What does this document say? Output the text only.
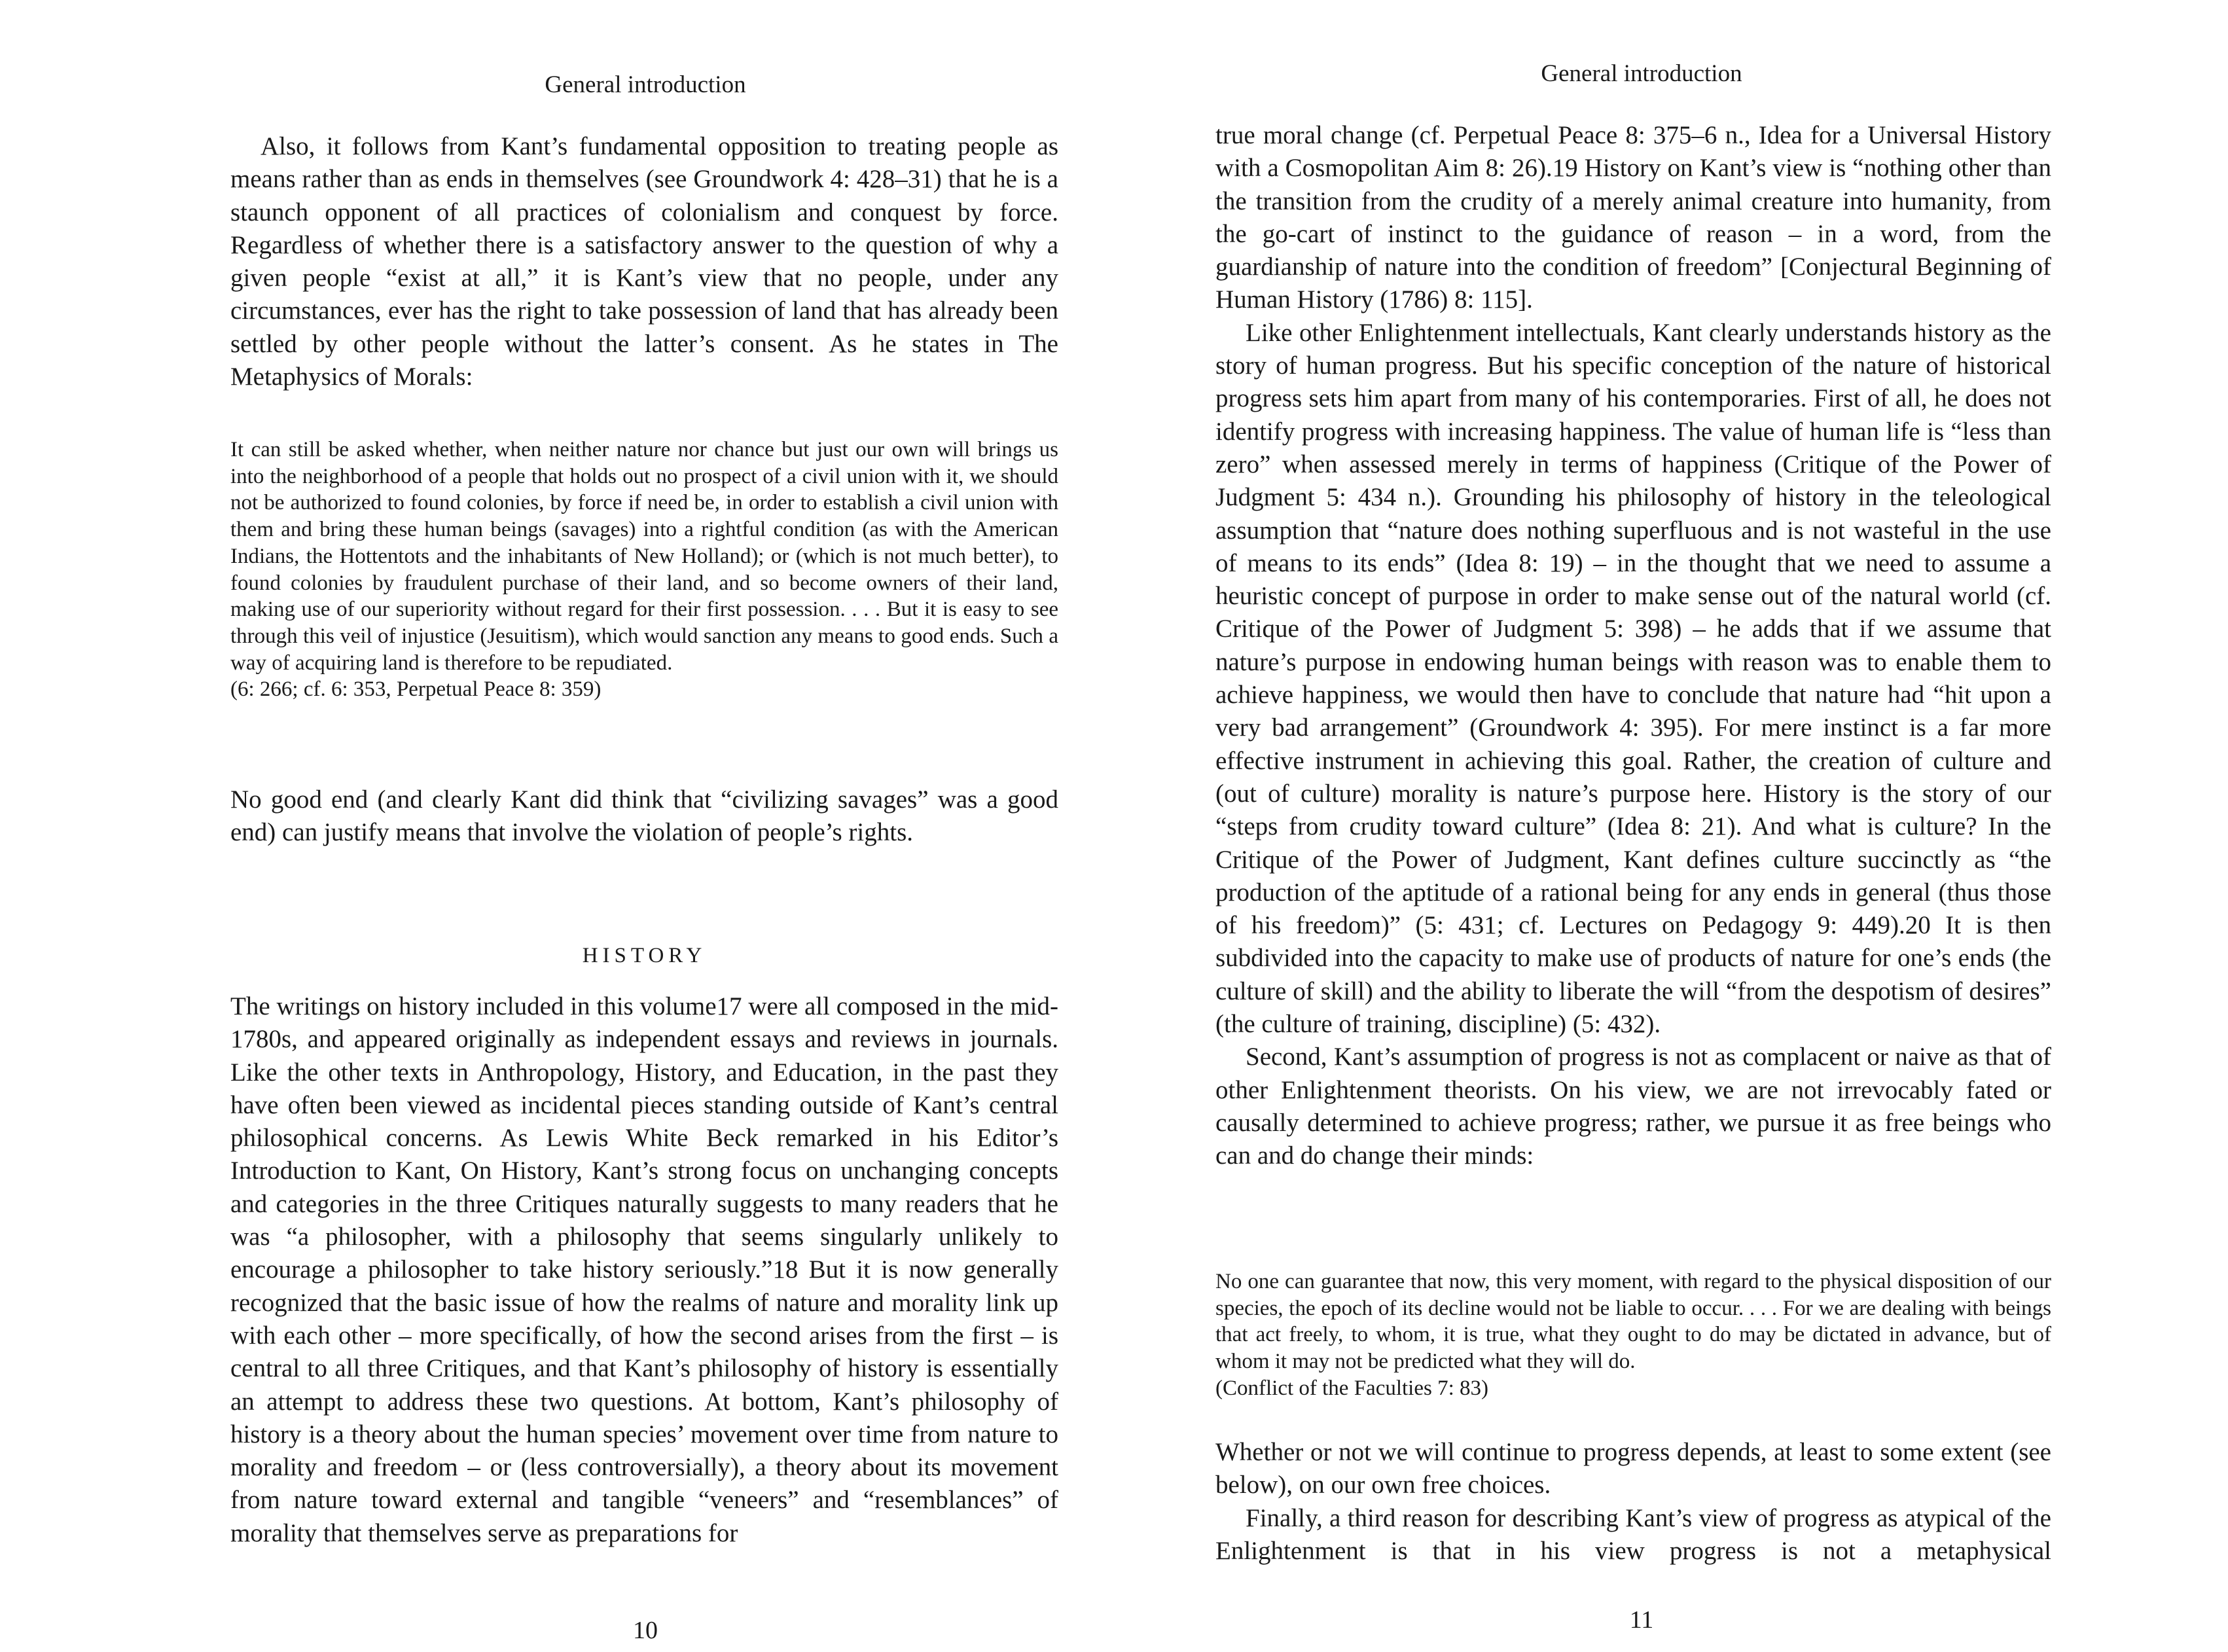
General introduction

Also, it follows from Kant’s fundamental opposition to treating people as means rather than as ends in themselves (see Groundwork 4: 428–31) that he is a staunch opponent of all practices of colonialism and conquest by force. Regardless of whether there is a satisfactory answer to the question of why a given people “exist at all,” it is Kant’s view that no people, under any circumstances, ever has the right to take possession of land that has already been settled by other people without the latter’s consent. As he states in The Metaphysics of Morals:

It can still be asked whether, when neither nature nor chance but just our own will brings us into the neighborhood of a people that holds out no prospect of a civil union with it, we should not be authorized to found colonies, by force if need be, in order to establish a civil union with them and bring these human beings (savages) into a rightful condition (as with the American Indians, the Hottentots and the inhabitants of New Holland); or (which is not much better), to found colonies by fraudulent purchase of their land, and so become owners of their land, making use of our superiority without regard for their first possession. . . . But it is easy to see through this veil of injustice (Jesuitism), which would sanction any means to good ends. Such a way of acquiring land is therefore to be repudiated.

(6: 266; cf. 6: 353, Perpetual Peace 8: 359)

No good end (and clearly Kant did think that “civilizing savages” was a good end) can justify means that involve the violation of people’s rights.

HISTORY

The writings on history included in this volume17 were all composed in the mid-1780s, and appeared originally as independent essays and reviews in journals. Like the other texts in Anthropology, History, and Education, in the past they have often been viewed as incidental pieces standing outside of Kant’s central philosophical concerns. As Lewis White Beck remarked in his Editor’s Introduction to Kant, On History, Kant’s strong focus on unchanging concepts and categories in the three Critiques naturally suggests to many readers that he was “a philosopher, with a philosophy that seems singularly unlikely to encourage a philosopher to take history seriously.”18 But it is now generally recognized that the basic issue of how the realms of nature and morality link up with each other – more specifically, of how the second arises from the first – is central to all three Critiques, and that Kant’s philosophy of history is essentially an attempt to address these two questions. At bottom, Kant’s philosophy of history is a theory about the human species’ movement over time from nature to morality and freedom – or (less controversially), a theory about its movement from nature toward external and tangible “veneers” and “resemblances” of morality that themselves serve as preparations for

10
General introduction

true moral change (cf. Perpetual Peace 8: 375–6 n., Idea for a Universal History with a Cosmopolitan Aim 8: 26).19 History on Kant’s view is “nothing other than the transition from the crudity of a merely animal creature into humanity, from the go-cart of instinct to the guidance of reason – in a word, from the guardianship of nature into the condition of freedom” [Conjectural Beginning of Human History (1786) 8: 115].

Like other Enlightenment intellectuals, Kant clearly understands history as the story of human progress. But his specific conception of the nature of historical progress sets him apart from many of his contemporaries. First of all, he does not identify progress with increasing happiness. The value of human life is “less than zero” when assessed merely in terms of happiness (Critique of the Power of Judgment 5: 434 n.). Grounding his philosophy of history in the teleological assumption that “nature does nothing superfluous and is not wasteful in the use of means to its ends” (Idea 8: 19) – in the thought that we need to assume a heuristic concept of purpose in order to make sense out of the natural world (cf. Critique of the Power of Judgment 5: 398) – he adds that if we assume that nature’s purpose in endowing human beings with reason was to enable them to achieve happiness, we would then have to conclude that nature had “hit upon a very bad arrangement” (Groundwork 4: 395). For mere instinct is a far more effective instrument in achieving this goal. Rather, the creation of culture and (out of culture) morality is nature’s purpose here. History is the story of our “steps from crudity toward culture” (Idea 8: 21). And what is culture? In the Critique of the Power of Judgment, Kant defines culture succinctly as “the production of the aptitude of a rational being for any ends in general (thus those of his freedom)” (5: 431; cf. Lectures on Pedagogy 9: 449).20 It is then subdivided into the capacity to make use of products of nature for one’s ends (the culture of skill) and the ability to liberate the will “from the despotism of desires” (the culture of training, discipline) (5: 432).

Second, Kant’s assumption of progress is not as complacent or naive as that of other Enlightenment theorists. On his view, we are not irrevocably fated or causally determined to achieve progress; rather, we pursue it as free beings who can and do change their minds:

No one can guarantee that now, this very moment, with regard to the physical disposition of our species, the epoch of its decline would not be liable to occur. . . . For we are dealing with beings that act freely, to whom, it is true, what they ought to do may be dictated in advance, but of whom it may not be predicted what they will do.

(Conflict of the Faculties 7: 83)

Whether or not we will continue to progress depends, at least to some extent (see below), on our own free choices.

Finally, a third reason for describing Kant’s view of progress as atypical of the Enlightenment is that in his view progress is not a metaphysical

11
